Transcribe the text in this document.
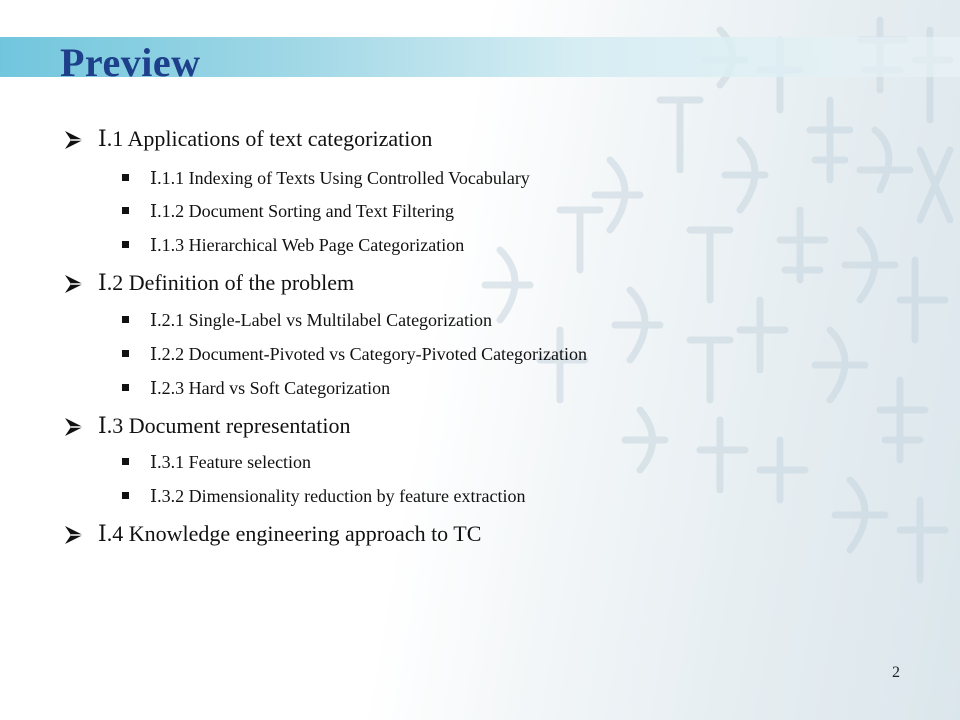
Preview
Ⅰ.1 Applications of text categorization
Ⅰ.1.1 Indexing of Texts Using Controlled Vocabulary
Ⅰ.1.2 Document Sorting and Text Filtering
Ⅰ.1.3 Hierarchical Web Page Categorization
Ⅰ.2 Definition of the problem
Ⅰ.2.1 Single-Label vs Multilabel Categorization
Ⅰ.2.2 Document-Pivoted vs Category-Pivoted Categorization
Ⅰ.2.3 Hard vs Soft Categorization
Ⅰ.3 Document representation
Ⅰ.3.1 Feature selection
Ⅰ.3.2 Dimensionality reduction by feature extraction
Ⅰ.4 Knowledge engineering approach to TC
2
